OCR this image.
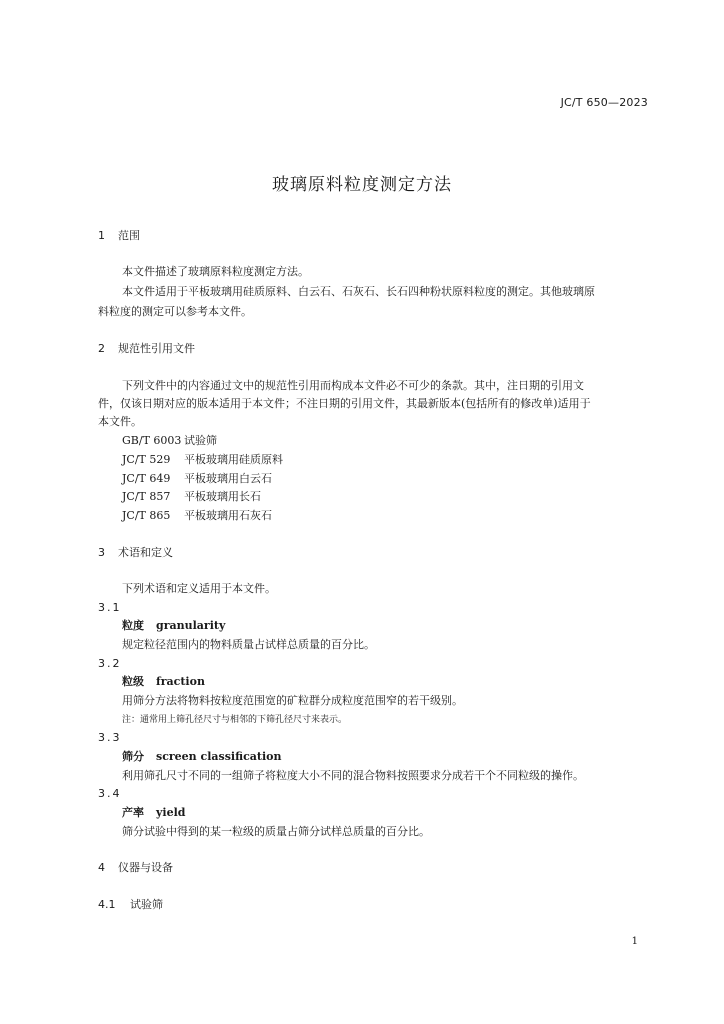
JC/T 650—2023
玻璃原料粒度测定方法
1 范围
本文件描述了玻璃原料粒度测定方法。
本文件适用于平板玻璃用硅质原料、白云石、石灰石、长石四种粉状原料粒度的测定。其他玻璃原
料粒度的测定可以参考本文件。
2 规范性引用文件
下列文件中的内容通过文中的规范性引用而构成本文件必不可少的条款。其中，注日期的引用文
件，仅该日期对应的版本适用于本文件；不注日期的引用文件，其最新版本(包括所有的修改单)适用于
本文件。
GB/T 6003 试验筛
JC/T 529 平板玻璃用硅质原料
JC/T 649 平板玻璃用白云石
JC/T 857 平板玻璃用长石
JC/T 865 平板玻璃用石灰石
3 术语和定义
下列术语和定义适用于本文件。
3.1
粒度 granularity
规定粒径范围内的物料质量占试样总质量的百分比。
3.2
粒级 fraction
用筛分方法将物料按粒度范围宽的矿粒群分成粒度范围窄的若干级别。
注：通常用上筛孔径尺寸与相邻的下筛孔径尺寸来表示。
3.3
筛分 screen classification
利用筛孔尺寸不同的一组筛子将粒度大小不同的混合物料按照要求分成若干个不同粒级的操作。
3.4
产率 yield
筛分试验中得到的某一粒级的质量占筛分试样总质量的百分比。
4 仪器与设备
4.1 试验筛
1
